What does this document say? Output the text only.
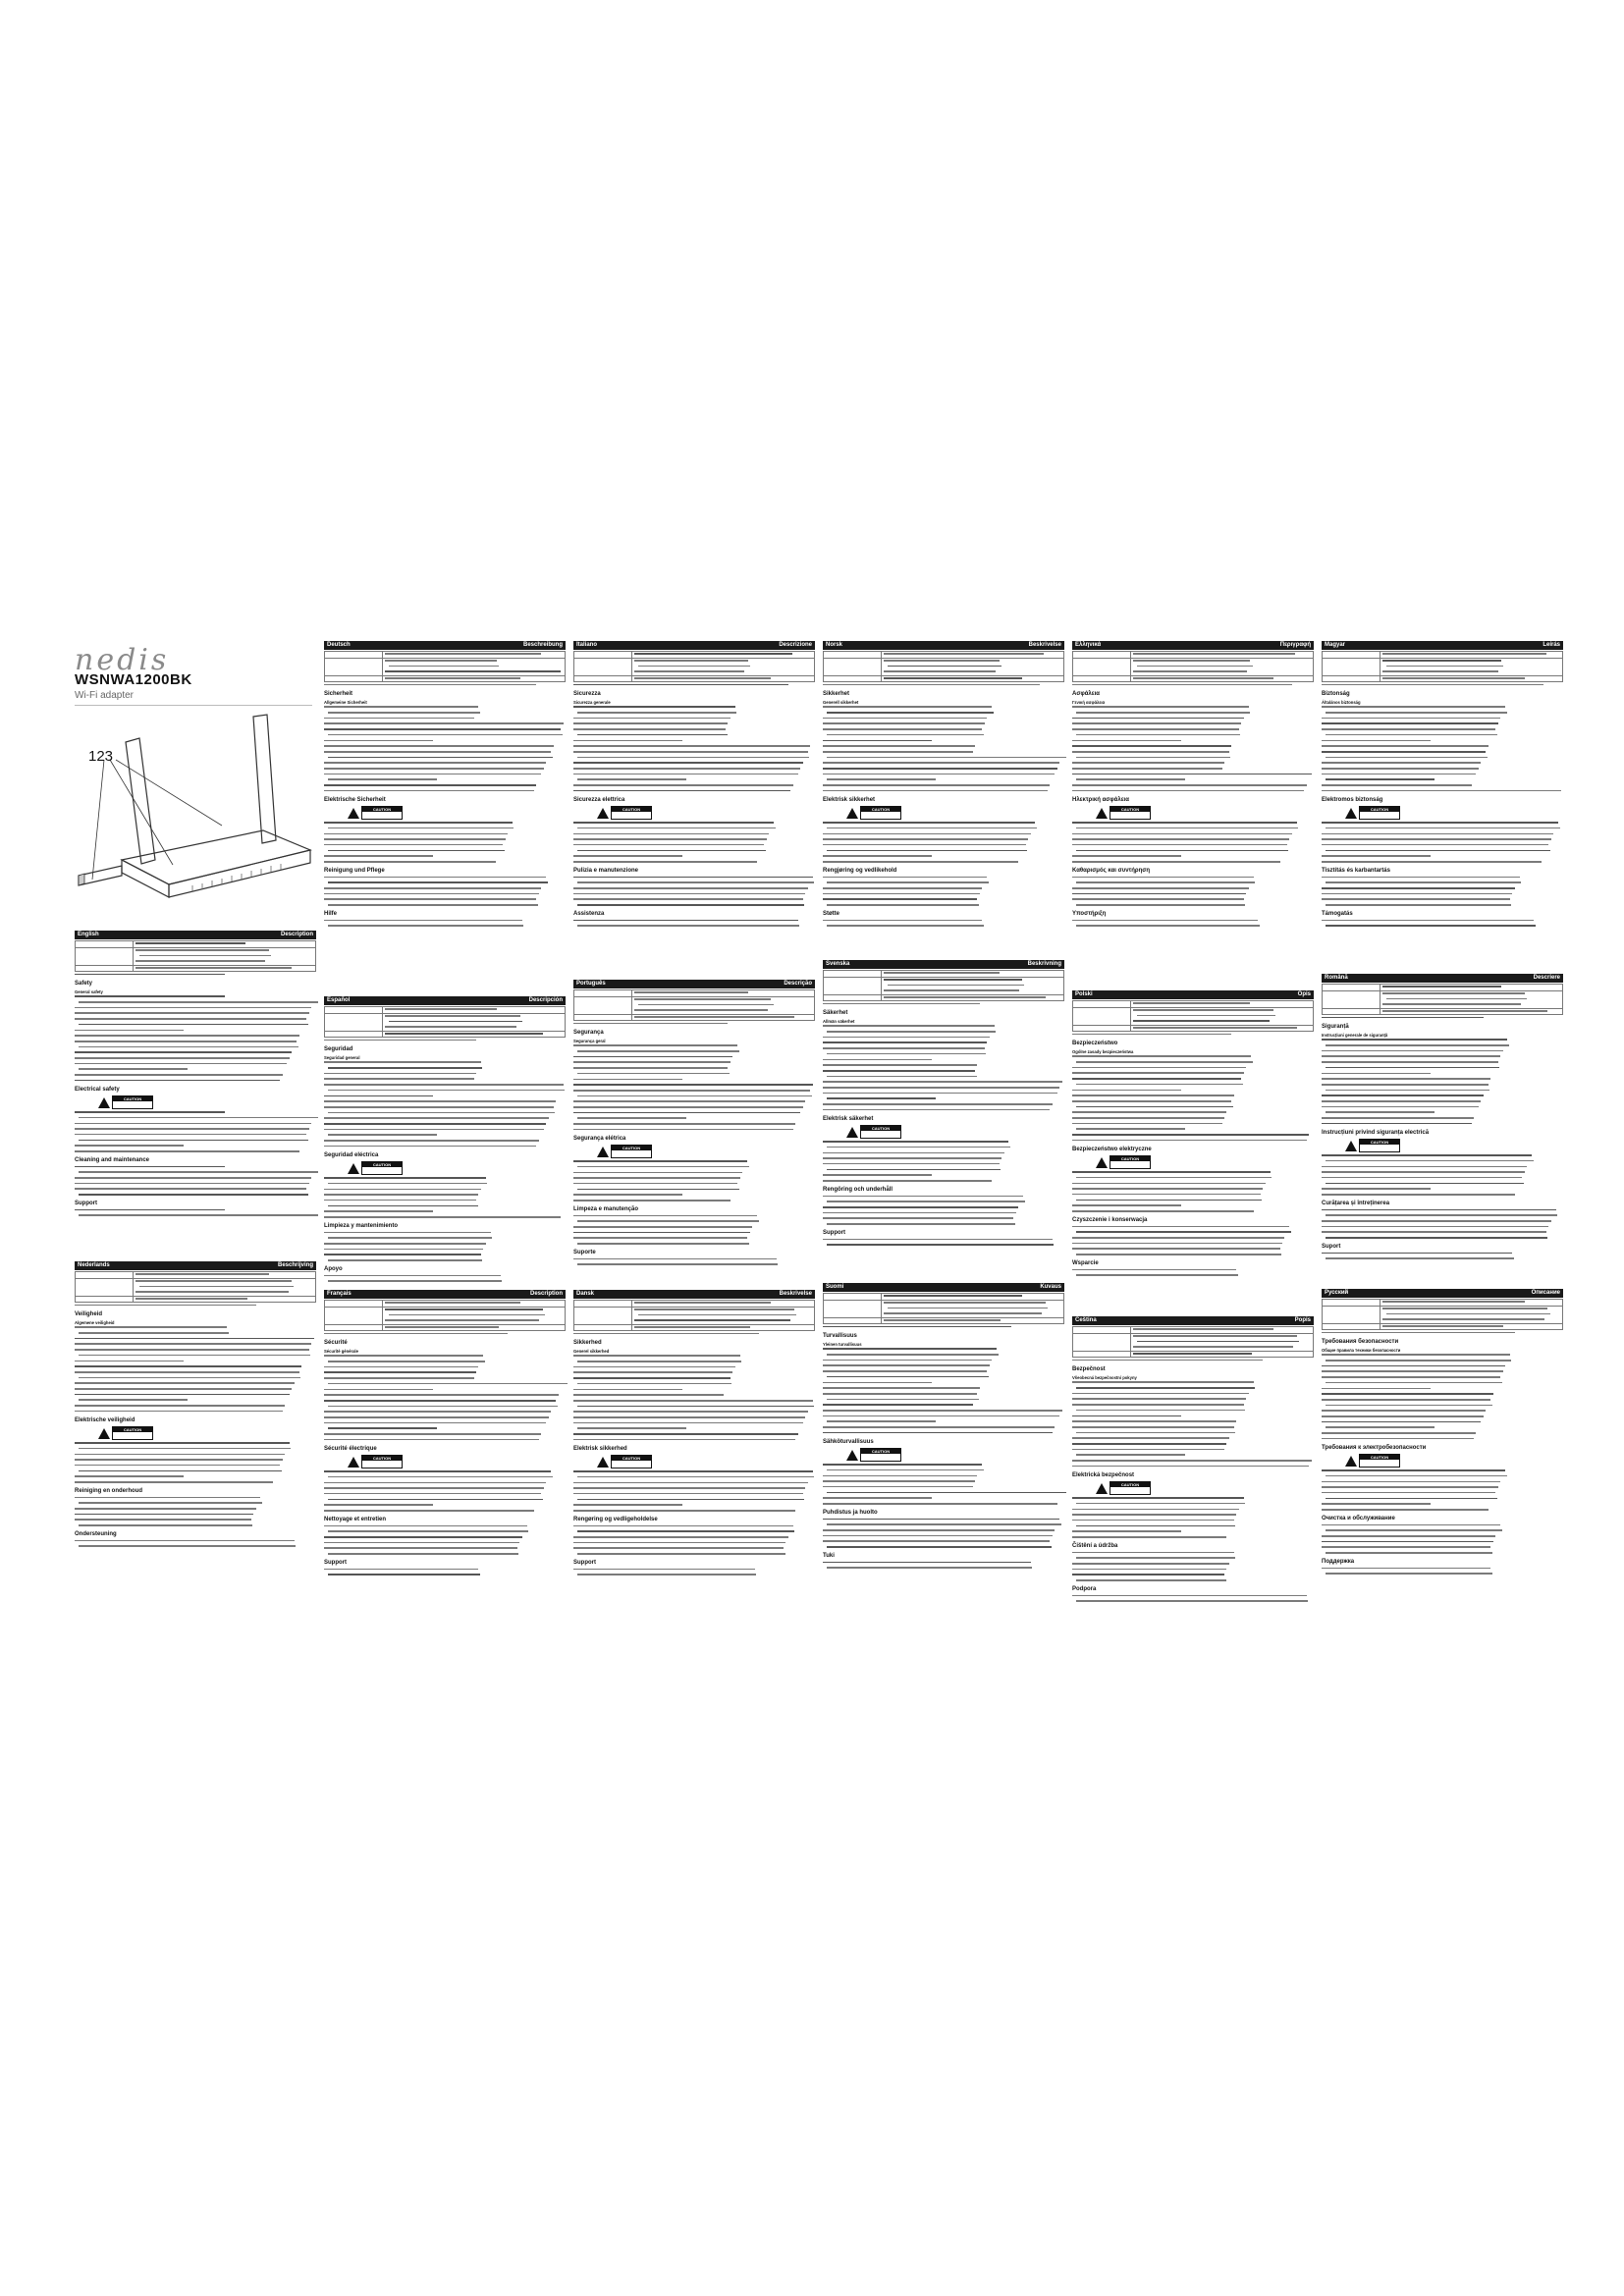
nedis
WSNWA1200BK
Wi-Fi adapter
123
English	Description

Safety
General safety
Electrical safety
CAUTION
Cleaning and maintenance
Support
Nederlands	Beschrijving

Veiligheid
Algemene veiligheid
Elektrische veiligheid
CAUTION
Reiniging en onderhoud
Ondersteuning
Deutsch	Beschreibung

Sicherheit
Allgemeine Sicherheit
Elektrische Sicherheit
CAUTION
Reinigung und Pflege
Hilfe
Español	Descripción

Seguridad
Seguridad general
Seguridad eléctrica
CAUTION
Limpieza y mantenimiento
Apoyo
Français	Description

Sécurité
Sécurité générale
Sécurité électrique
CAUTION
Nettoyage et entretien
Support
Italiano	Descrizione

Sicurezza
Sicurezza generale
Sicurezza elettrica
CAUTION
Pulizia e manutenzione
Assistenza
Português	Descrição

Segurança
Segurança geral
Segurança elétrica
CAUTION
Limpeza e manutenção
Suporte
Dansk	Beskrivelse

Sikkerhed
Generel sikkerhed
Elektrisk sikkerhed
CAUTION
Rengøring og vedligeholdelse
Support
Norsk	Beskrivelse

Sikkerhet
Generell sikkerhet
Elektrisk sikkerhet
CAUTION
Rengjøring og vedlikehold
Støtte
Svenska	Beskrivning

Säkerhet
Allmän säkerhet
Elektrisk säkerhet
CAUTION
Rengöring och underhåll
Support
Suomi	Kuvaus

Turvallisuus
Yleinen turvallisuus
Sähköturvallisuus
CAUTION
Puhdistus ja huolto
Tuki
Ελληνικά	Περιγραφή

Ασφάλεια
Γενική ασφάλεια
Ηλεκτρική ασφάλεια
CAUTION
Καθαρισμός και συντήρηση
Υποστήριξη
Polski	Opis

Bezpieczeństwo
Ogólne zasady bezpieczeństwa
Bezpieczeństwo elektryczne
CAUTION
Czyszczenie i konserwacja
Wsparcie
Čeština	Popis

Bezpečnost
Všeobecná bezpečnostní pokyny
Elektrická bezpečnost
CAUTION
Čištění a údržba
Podpora
Magyar	Leírás

Biztonság
Általános biztonság
Elektromos biztonság
CAUTION
Tisztítás és karbantartás
Támogatás
Română	Descriere

Siguranță
Instrucțiuni generale de siguranță
Instrucțiuni privind siguranța electrică
CAUTION
Curățarea și întreținerea
Suport
Русский	Описание

Требования безопасности
Общие правила техники безопасности
Требования к электробезопасности
CAUTION
Очистка и обслуживание
Поддержка
